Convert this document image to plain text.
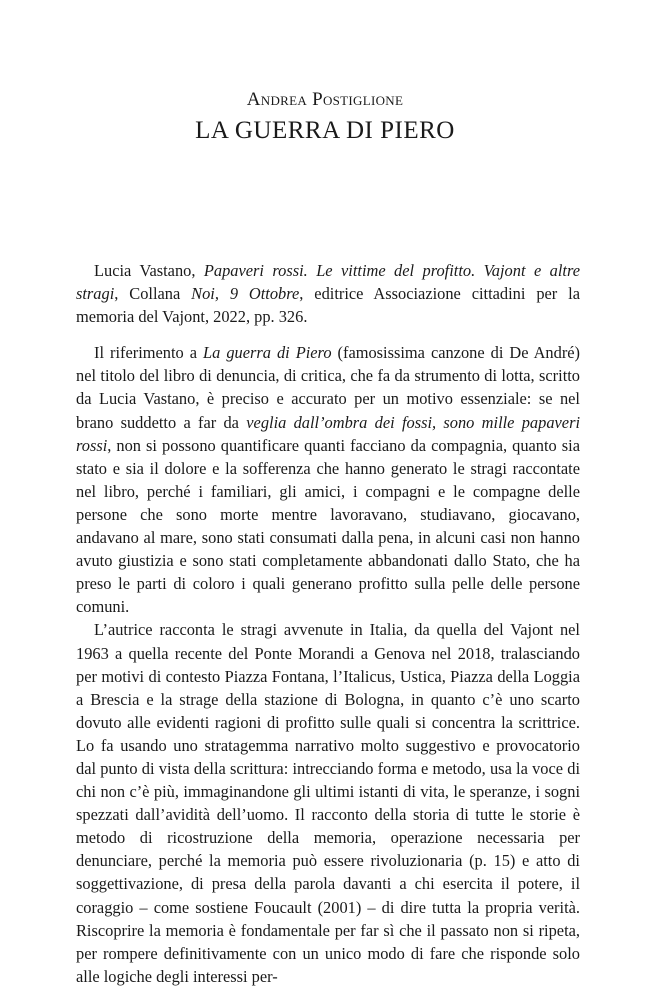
Andrea Postiglione
LA GUERRA DI PIERO

Lucia Vastano, Papaveri rossi. Le vittime del profitto. Vajont e altre stragi, Collana Noi, 9 Ottobre, editrice Associazione cittadini per la memoria del Vajont, 2022, pp. 326.

Il riferimento a La guerra di Piero (famosissima canzone di De André) nel titolo del libro di denuncia, di critica, che fa da strumento di lotta, scritto da Lucia Vastano, è preciso e accurato per un motivo essenziale: se nel brano suddetto a far da veglia dall’ombra dei fossi, sono mille papaveri rossi, non si possono quantificare quanti facciano da compagnia, quanto sia stato e sia il dolore e la sofferenza che hanno generato le stragi raccontate nel libro, perché i familiari, gli amici, i compagni e le compagne delle persone che sono morte mentre lavoravano, studiavano, giocavano, andavano al mare, sono stati consumati dalla pena, in alcuni casi non hanno avuto giustizia e sono stati completamente abbandonati dallo Stato, che ha preso le parti di coloro i quali generano profitto sulla pelle delle persone comuni.

L’autrice racconta le stragi avvenute in Italia, da quella del Vajont nel 1963 a quella recente del Ponte Morandi a Genova nel 2018, tralasciando per motivi di contesto Piazza Fontana, l’Italicus, Ustica, Piazza della Loggia a Brescia e la strage della stazione di Bologna, in quanto c’è uno scarto dovuto alle evidenti ragioni di profitto sulle quali si concentra la scrittrice. Lo fa usando uno stratagemma narrativo molto suggestivo e provocatorio dal punto di vista della scrittura: intrecciando forma e metodo, usa la voce di chi non c’è più, immaginandone gli ultimi istanti di vita, le speranze, i sogni spezzati dall’avidità dell’uomo. Il racconto della storia di tutte le storie è metodo di ricostruzione della memoria, operazione necessaria per denunciare, perché la memoria può essere rivoluzionaria (p. 15) e atto di soggettivazione, di presa della parola davanti a chi esercita il potere, il coraggio – come sostiene Foucault (2001) – di dire tutta la propria verità. Riscoprire la memoria è fondamentale per far sì che il passato non si ripeta, per rompere definitivamente con un unico modo di fare che risponde solo alle logiche degli interessi per-
